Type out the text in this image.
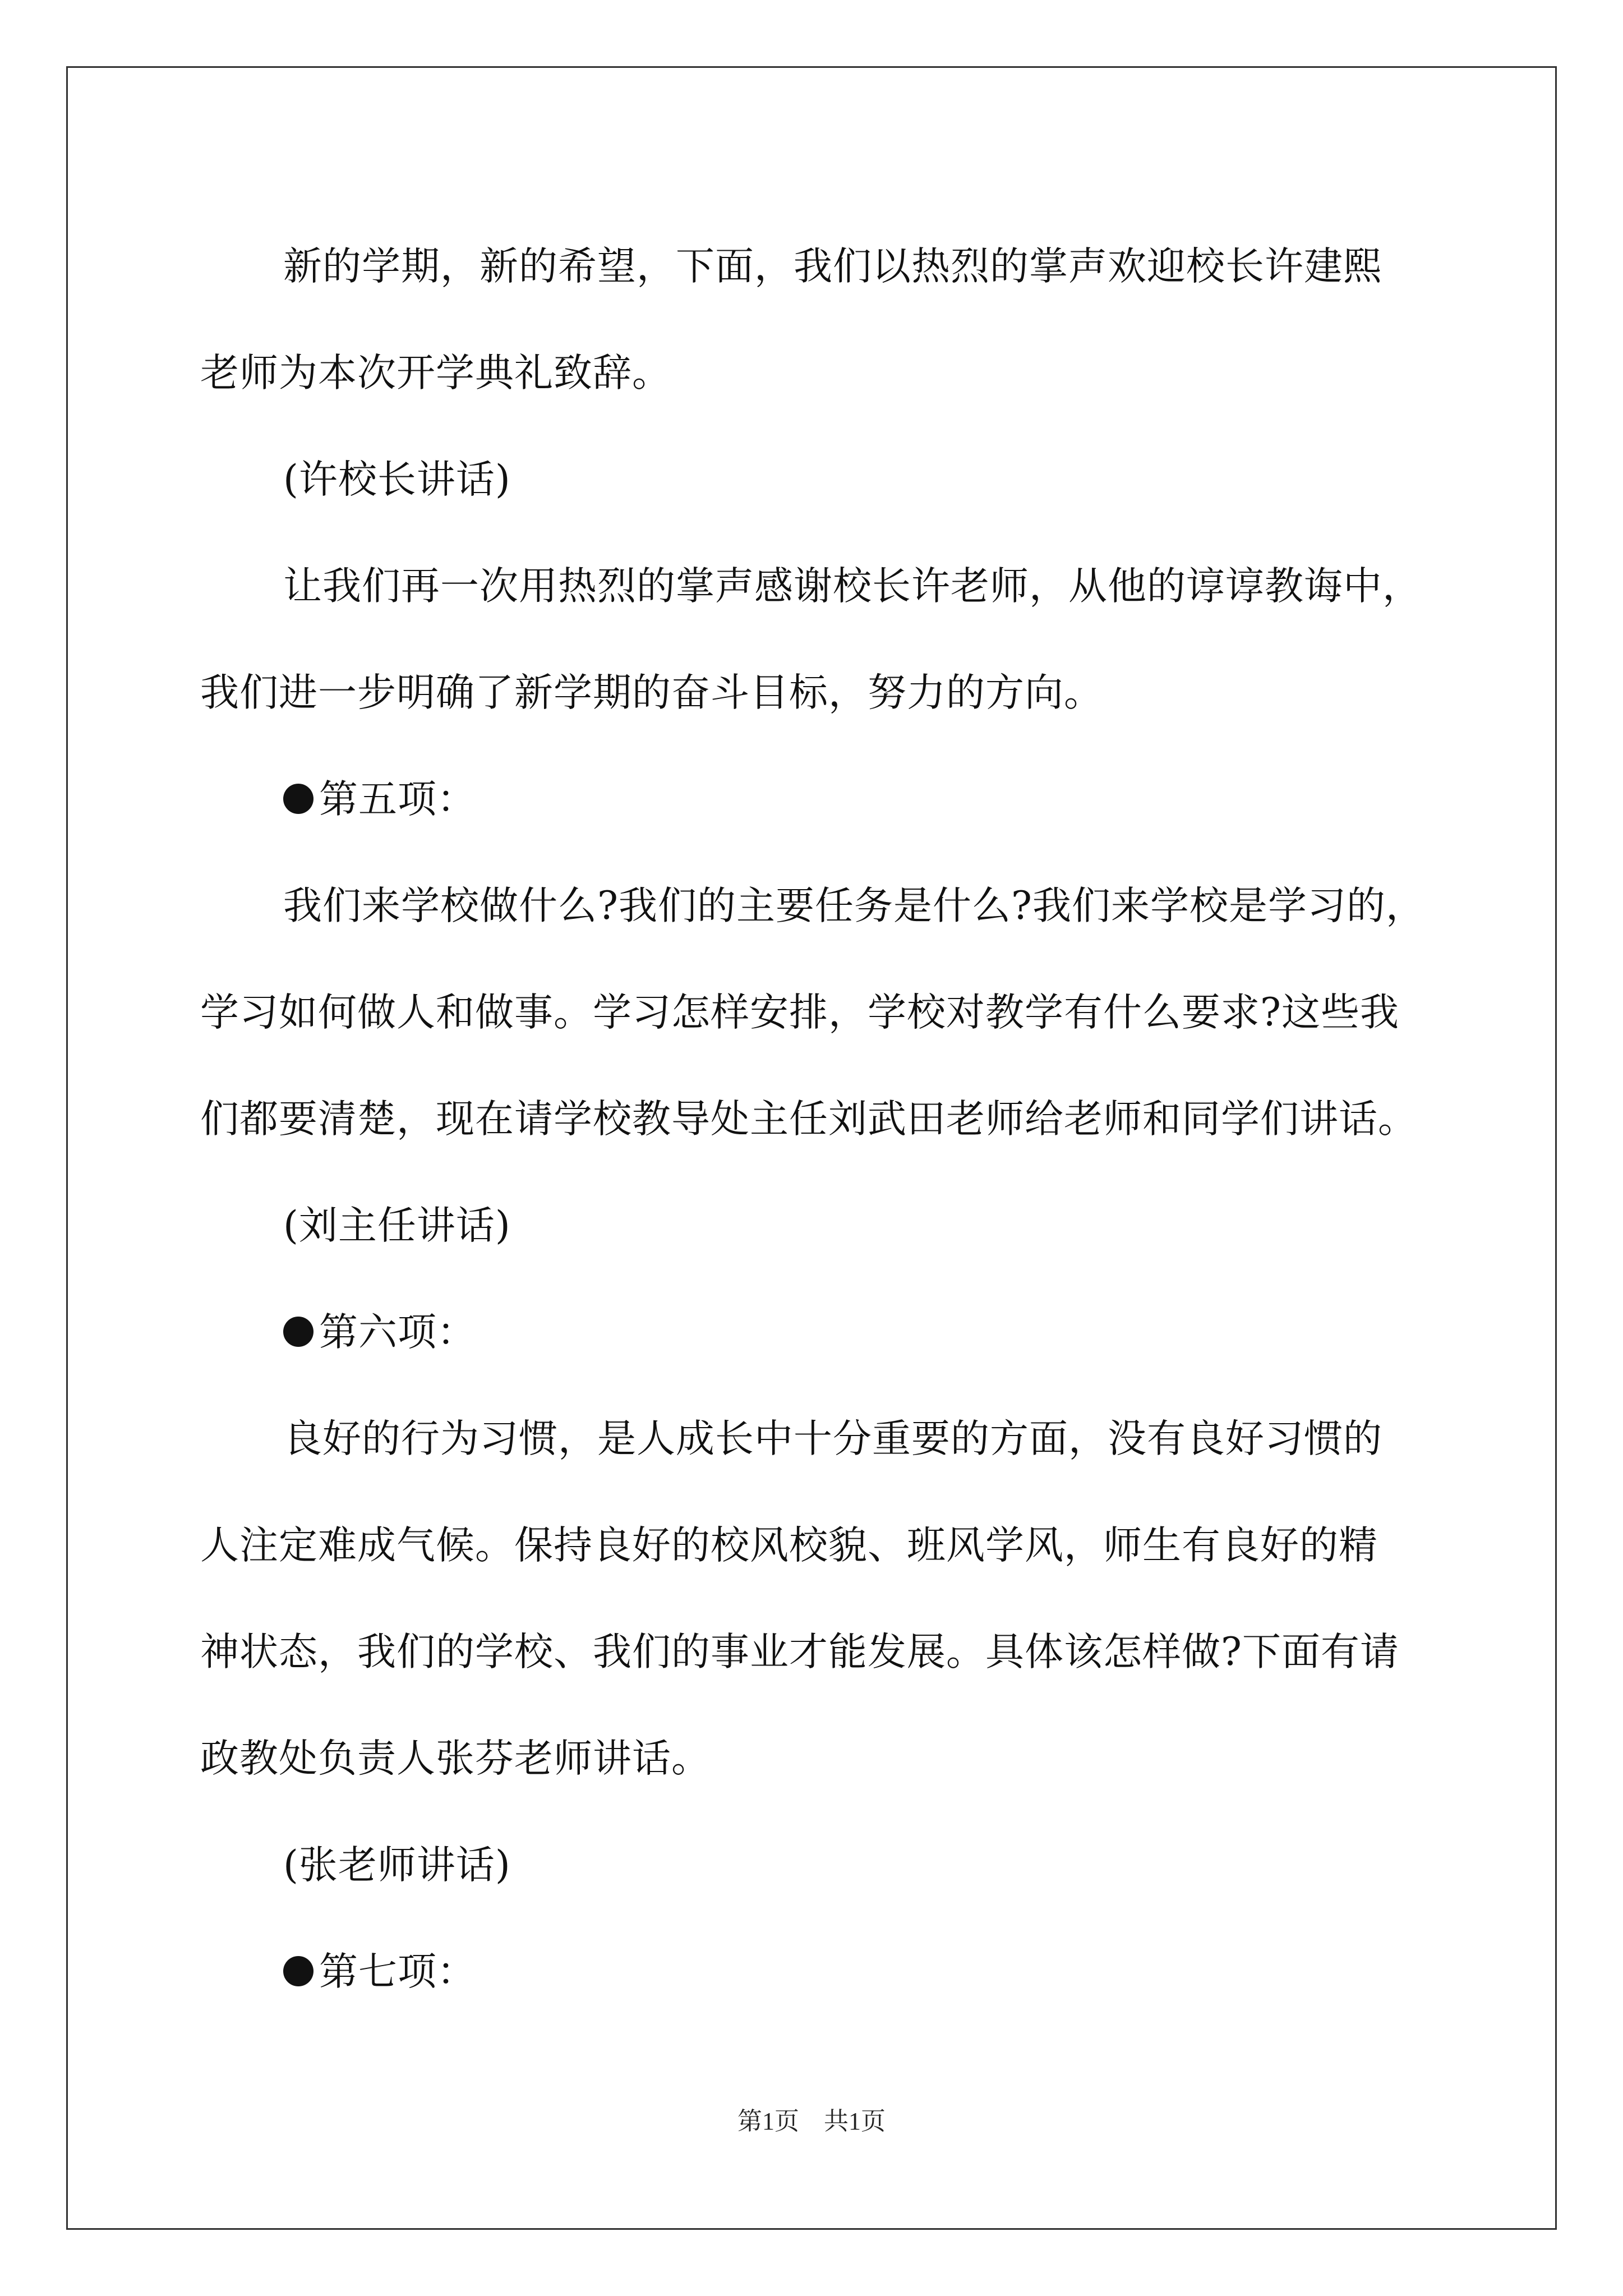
新的学期，新的希望，下面，我们以热烈的掌声欢迎校长许建熙

老师为本次开学典礼致辞。

(许校长讲话)

让我们再一次用热烈的掌声感谢校长许老师，从他的谆谆教诲中，

我们进一步明确了新学期的奋斗目标，努力的方向。

第五项：

我们来学校做什么?我们的主要任务是什么?我们来学校是学习的，

学习如何做人和做事。学习怎样安排，学校对教学有什么要求?这些我

们都要清楚，现在请学校教导处主任刘武田老师给老师和同学们讲话。

(刘主任讲话)

第六项：

良好的行为习惯，是人成长中十分重要的方面，没有良好习惯的

人注定难成气候。保持良好的校风校貌、班风学风，师生有良好的精

神状态，我们的学校、我们的事业才能发展。具体该怎样做?下面有请

政教处负责人张芬老师讲话。

(张老师讲话)

第七项：

第1页　共1页
